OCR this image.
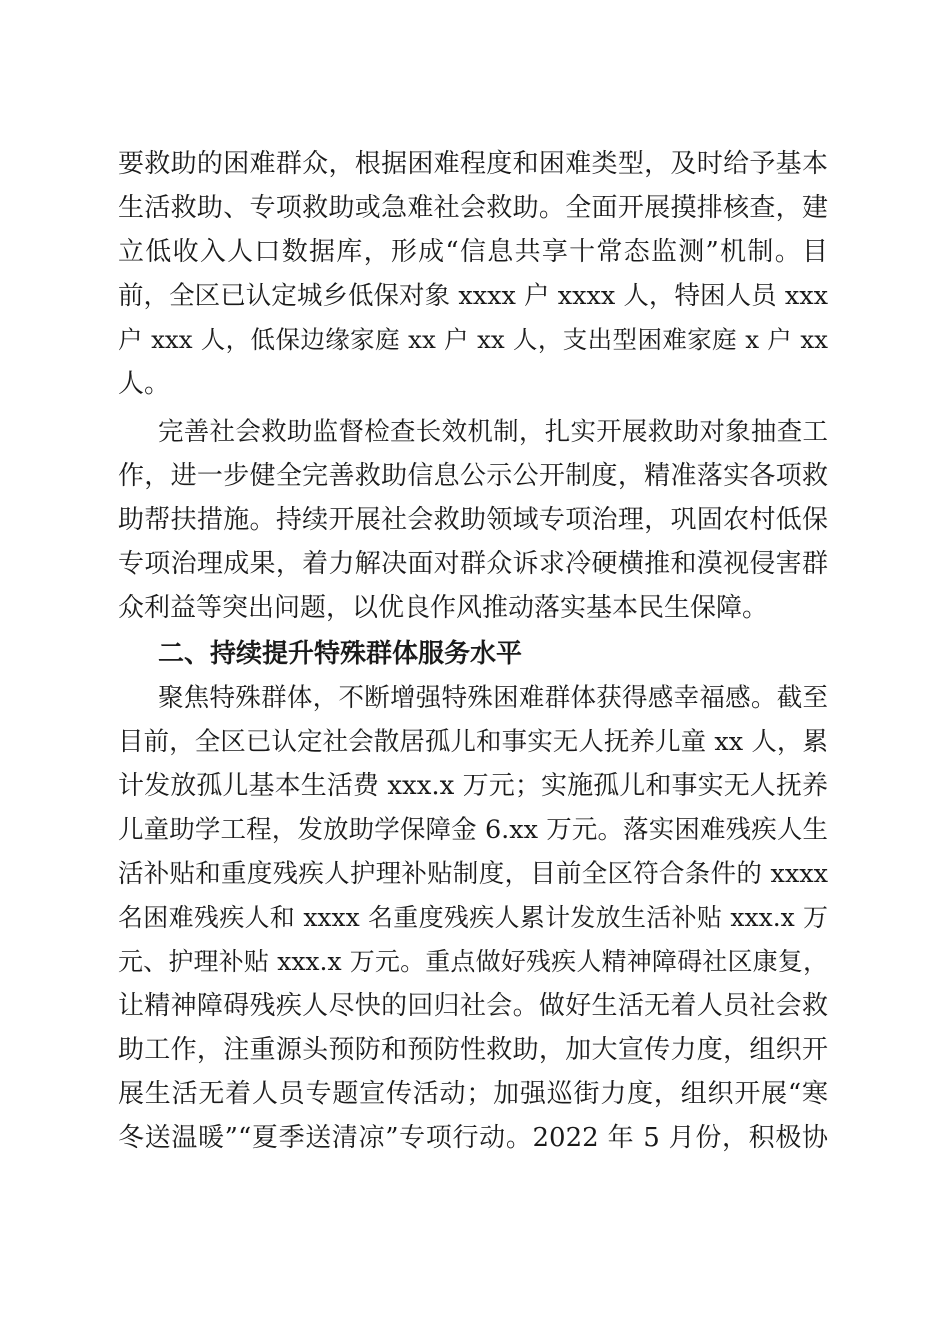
要救助的困难群众，根据困难程度和困难类型，及时给予基本
生活救助、专项救助或急难社会救助。全面开展摸排核查，建
立低收入人口数据库，形成“信息共享十常态监测”机制。目
前，全区已认定城乡低保对象 xxxx 户 xxxx 人，特困人员 xxx
户 xxx 人，低保边缘家庭 xx 户 xx 人，支出型困难家庭 x 户 xx
人。
完善社会救助监督检查长效机制，扎实开展救助对象抽查工
作，进一步健全完善救助信息公示公开制度，精准落实各项救
助帮扶措施。持续开展社会救助领域专项治理，巩固农村低保
专项治理成果，着力解决面对群众诉求冷硬横推和漠视侵害群
众利益等突出问题，以优良作风推动落实基本民生保障。
二、持续提升特殊群体服务水平
聚焦特殊群体，不断增强特殊困难群体获得感幸福感。截至
目前，全区已认定社会散居孤儿和事实无人抚养儿童 xx 人，累
计发放孤儿基本生活费 xxx.x 万元；实施孤儿和事实无人抚养
儿童助学工程，发放助学保障金 6.xx 万元。落实困难残疾人生
活补贴和重度残疾人护理补贴制度，目前全区符合条件的 xxxx
名困难残疾人和 xxxx 名重度残疾人累计发放生活补贴 xxx.x 万
元、护理补贴 xxx.x 万元。重点做好残疾人精神障碍社区康复，
让精神障碍残疾人尽快的回归社会。做好生活无着人员社会救
助工作，注重源头预防和预防性救助，加大宣传力度，组织开
展生活无着人员专题宣传活动；加强巡街力度，组织开展“寒
冬送温暖”“夏季送清凉”专项行动。2022 年 5 月份，积极协
